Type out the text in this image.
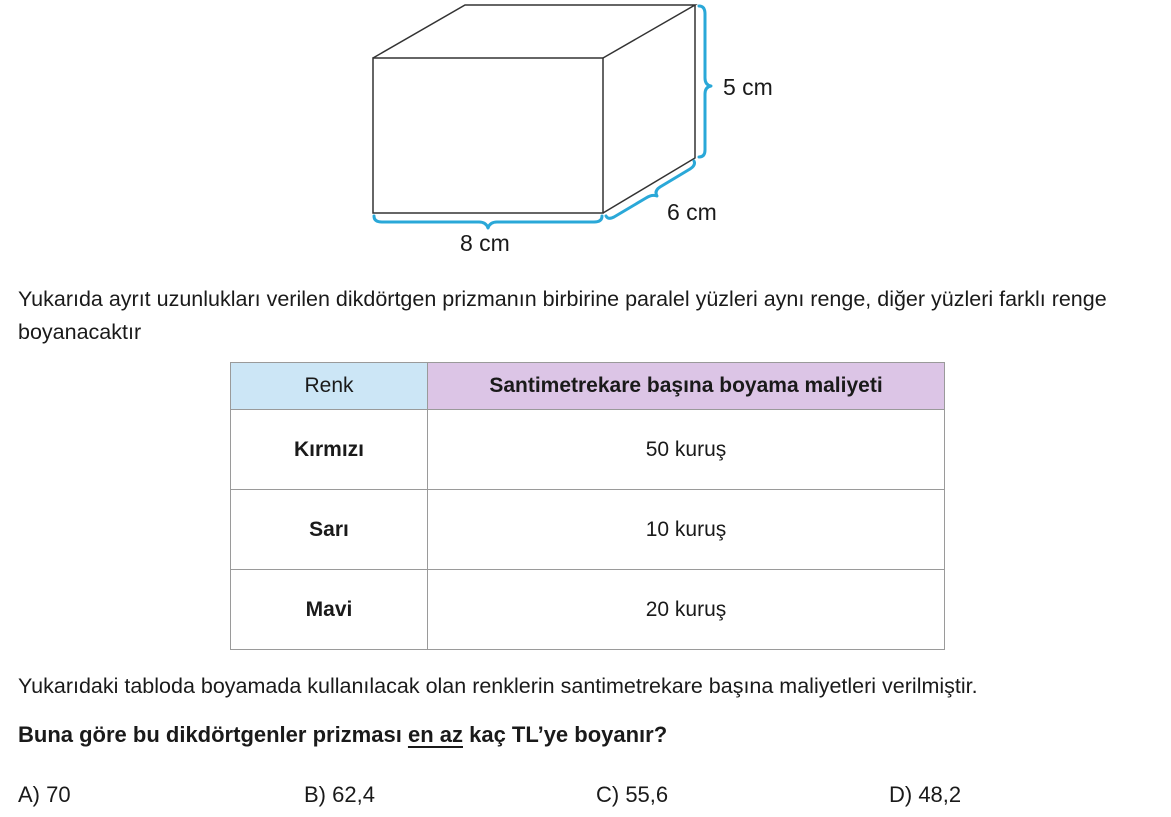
5 cm
6 cm
8 cm

Yukarıda ayrıt uzunlukları verilen dikdörtgen prizmanın birbirine paralel yüzleri aynı renge, diğer yüzleri farklı renge boyanacaktır

Renk	Santimetrekare başına boyama maliyeti
Kırmızı	50 kuruş
Sarı	10 kuruş
Mavi	20 kuruş

Yukarıdaki tabloda boyamada kullanılacak olan renklerin santimetrekare başına maliyetleri verilmiştir.

Buna göre bu dikdörtgenler prizması en az kaç TL’ye boyanır?

A) 70	B) 62,4	C) 55,6	D) 48,2
